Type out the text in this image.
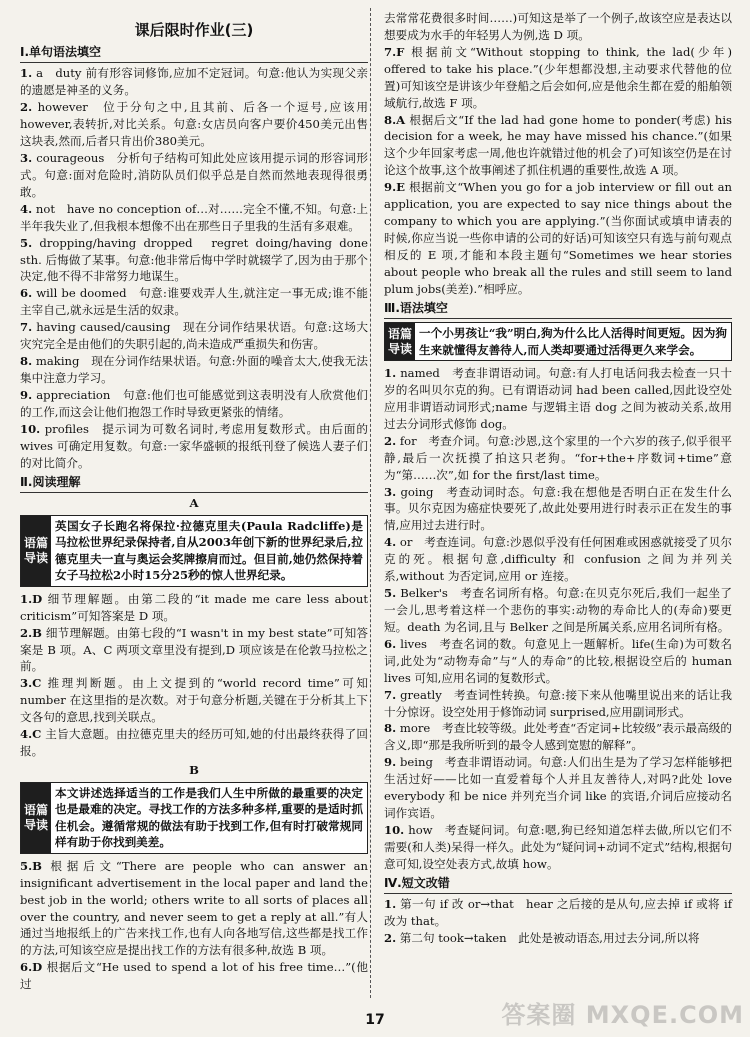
课后限时作业(三)
Ⅰ.单句语法填空

1. a　duty 前有形容词修饰,应加不定冠词。句意:他认为实现父亲的遗愿是神圣的义务。

2. however　位于分句之中,且其前、后各一个逗号,应该用 however,表转折,对比关系。句意:女店员向客户要价450美元出售这块表,然而,后者只肯出价380美元。

3. courageous　分析句子结构可知此处应该用提示词的形容词形式。句意:面对危险时,消防队员们似乎总是自然而然地表现得很勇敢。

4. not　have no conception of…对……完全不懂,不知。句意:上半年我失业了,但我根本想像不出在那些日子里我的生活有多艰难。

5. dropping/having dropped　regret doing/having done sth. 后悔做了某事。句意:他非常后悔中学时就辍学了,因为由于那个决定,他不得不非常努力地谋生。

6. will be doomed　句意:谁要戏弄人生,就注定一事无成;谁不能主宰自己,就永远是生活的奴隶。

7. having caused/causing　现在分词作结果状语。句意:这场大灾究完全是由他们的失职引起的,尚未造成严重损失和伤害。

8. making　现在分词作结果状语。句意:外面的噪音太大,使我无法集中注意力学习。

9. appreciation　句意:他们也可能感觉到这表明没有人欣赏他们的工作,而这会让他们抱怨工作时导致更紧张的情绪。

10. profiles　提示词为可数名词时,考虑用复数形式。由后面的 wives 可确定用复数。句意:一家华盛顿的报纸刊登了候选人妻子们的对比简介。

Ⅱ.阅读理解
A
语篇
导读
英国女子长跑名将保拉·拉德克里夫(Paula Radcliffe)是马拉松世界纪录保持者,自从2003年创下新的世界纪录后,拉德克里夫一直与奥运会奖牌擦肩而过。但目前,她仍然保持着女子马拉松2小时15分25秒的惊人世界纪录。

1.D 细节理解题。由第二段的“it made me care less about criticism”可知答案是 D 项。

2.B 细节理解题。由第七段的“I wasn't in my best state”可知答案是 B 项。A、C 两项文章里没有提到,D 项应该是在伦敦马拉松之前。

3.C 推理判断题。由上文提到的“world record time”可知 number 在这里指的是次数。对于句意分析题,关键在于分析其上下文各句的意思,找到关联点。

4.C 主旨大意题。由拉德克里夫的经历可知,她的付出最终获得了回报。

B
语篇
导读
本文讲述选择适当的工作是我们人生中所做的最重要的决定也是最难的决定。寻找工作的方法多种多样,重要的是适时抓住机会。遵循常规的做法有助于找到工作,但有时打破常规同样有助于你找到美差。

5.B 根据后文“There are people who can answer an insignificant advertisement in the local paper and land the best job in the world; others write to all sorts of places all over the country, and never seem to get a reply at all.”有人通过当地报纸上的广告来找工作,也有人向各地写信,这些都是找工作的方法,可知该空应是提出找工作的方法有很多种,故选 B 项。

6.D 根据后文“He used to spend a lot of his free time…”(他过

去常常花费很多时间……)可知这是举了一个例子,故该空应是表达以想要成为水手的年轻男人为例,选 D 项。

7.F 根据前文“Without stopping to think, the lad(少年) offered to take his place.”(少年想都没想,主动要求代替他的位置)可知该空是讲该少年登船之后会如何,应是他余生都在爱的船舶领域航行,故选 F 项。

8.A 根据后文“If the lad had gone home to ponder(考虑) his decision for a week, he may have missed his chance.”(如果这个少年回家考虑一周,他也许就错过他的机会了)可知该空仍是在讨论这个故事,这个故事阐述了抓住机遇的重要性,故选 A 项。

9.E 根据前文“When you go for a job interview or fill out an application, you are expected to say nice things about the company to which you are applying.”(当你面试或填申请表的时候,你应当说一些你申请的公司的好话)可知该空只有选与前句观点相反的 E 项,才能和本段主题句“Sometimes we hear stories about people who break all the rules and still seem to land plum jobs(美差).”相呼应。

Ⅲ.语法填空
语篇
导读
一个小男孩让“我”明白,狗为什么比人活得时间更短。因为狗生来就懂得友善待人,而人类却要通过活得更久来学会。

1. named　考查非谓语动词。句意:有人打电话问我去检查一只十岁的名叫贝尔克的狗。已有谓语动词 had been called,因此设空处应用非谓语动词形式;name 与逻辑主语 dog 之间为被动关系,故用过去分词形式修饰 dog。

2. for　考查介词。句意:沙恩,这个家里的一个六岁的孩子,似乎很平静,最后一次抚摸了拍这只老狗。“for+the+序数词+time”意为“第……次”,如 for the first/last time。

3. going　考查动词时态。句意:我在想他是否明白正在发生什么事。贝尔克因为癌症快要死了,故此处要用进行时表示正在发生的事情,应用过去进行时。

4. or　考查连词。句意:沙恩似乎没有任何困难或困惑就接受了贝尔克的死。根据句意,difficulty 和 confusion 之间为并列关系,without 为否定词,应用 or 连接。

5. Belker's　考查名词所有格。句意:在贝克尔死后,我们一起坐了一会儿,思考着这样一个悲伤的事实:动物的寿命比人的(寿命)要更短。death 为名词,且与 Belker 之间是所属关系,应用名词所有格。

6. lives　考查名词的数。句意见上一题解析。life(生命)为可数名词,此处为“动物寿命”与“人的寿命”的比较,根据设空后的 human lives 可知,应用名词的复数形式。

7. greatly　考查词性转换。句意:接下来从他嘴里说出来的话让我十分惊讶。设空处用于修饰动词 surprised,应用副词形式。

8. more　考查比较等级。此处考查“否定词+比较级”表示最高级的含义,即“那是我所听到的最令人感到宽慰的解释”。

9. being　考查非谓语动词。句意:人们出生是为了学习怎样能够把生活过好——比如一直爱着每个人并且友善待人,对吗?此处 love everybody 和 be nice 并列充当介词 like 的宾语,介词后应接动名词作宾语。

10. how　考查疑问词。句意:嗯,狗已经知道怎样去做,所以它们不需要(和人类)呆得一样久。此处为“疑问词+动词不定式”结构,根据句意可知,设空处表方式,故填 how。

Ⅳ.短文改错

1. 第一句 if 改 or→that　hear 之后接的是从句,应去掉 if 或将 if 改为 that。

2. 第二句 took→taken　此处是被动语态,用过去分词,所以将

17	答案圈 MXQE.COM
